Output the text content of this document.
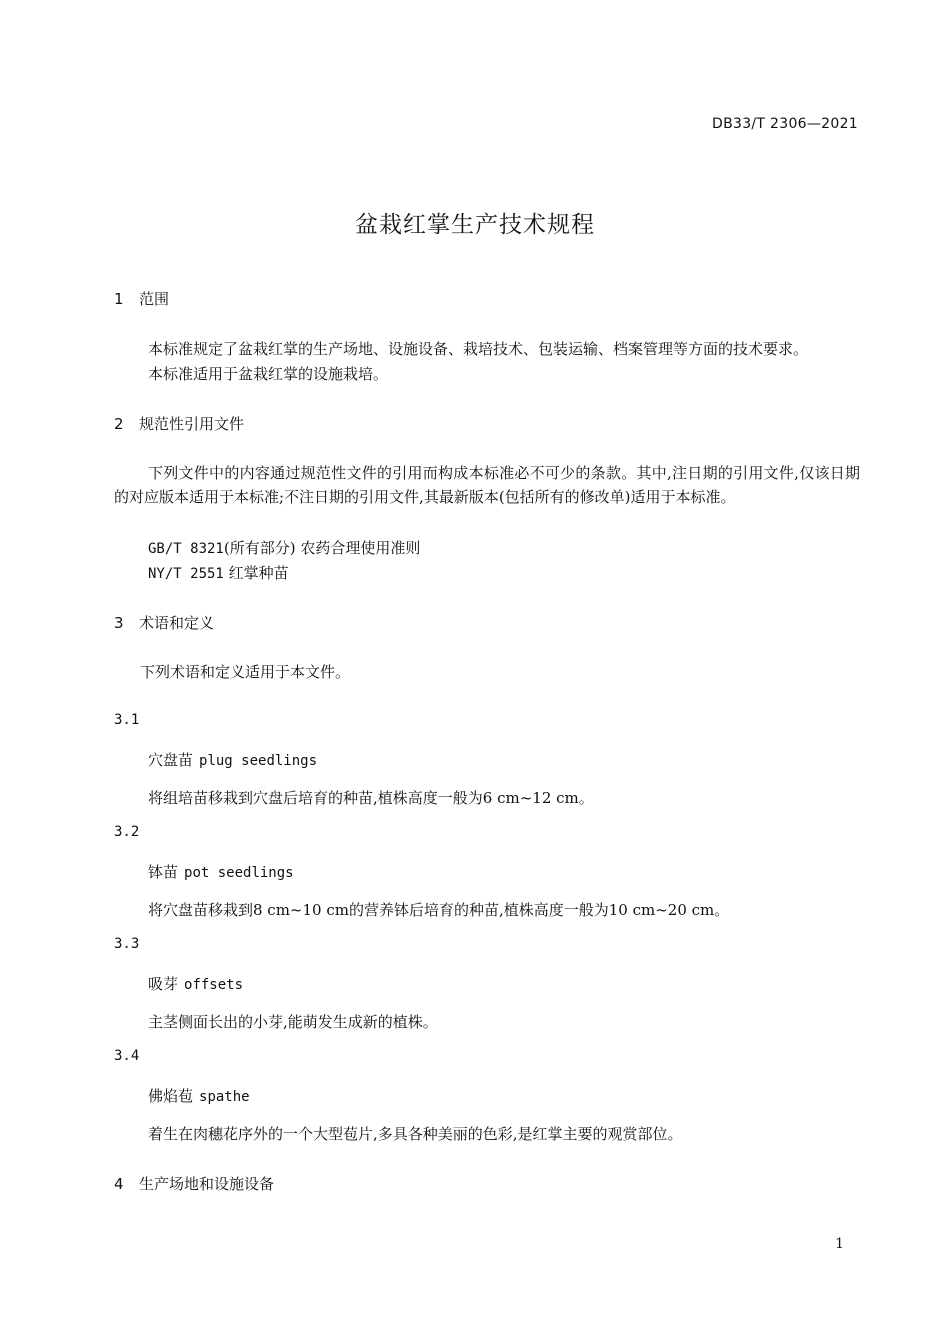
DB33/T 2306—2021
盆栽红掌生产技术规程
1 范围
本标准规定了盆栽红掌的生产场地、设施设备、栽培技术、包装运输、档案管理等方面的技术要求。
本标准适用于盆栽红掌的设施栽培。
2 规范性引用文件
下列文件中的内容通过规范性文件的引用而构成本标准必不可少的条款。其中,注日期的引用文件,仅该日期的对应版本适用于本标准;不注日期的引用文件,其最新版本(包括所有的修改单)适用于本标准。
GB/T 8321(所有部分) 农药合理使用准则
NY/T 2551 红掌种苗
3 术语和定义
下列术语和定义适用于本文件。
3.1
穴盘苗 plug seedlings
将组培苗移栽到穴盘后培育的种苗,植株高度一般为6 cm~12 cm。
3.2
钵苗 pot seedlings
将穴盘苗移栽到8 cm~10 cm的营养钵后培育的种苗,植株高度一般为10 cm~20 cm。
3.3
吸芽 offsets
主茎侧面长出的小芽,能萌发生成新的植株。
3.4
佛焰苞 spathe
着生在肉穗花序外的一个大型苞片,多具各种美丽的色彩,是红掌主要的观赏部位。
4 生产场地和设施设备
1
